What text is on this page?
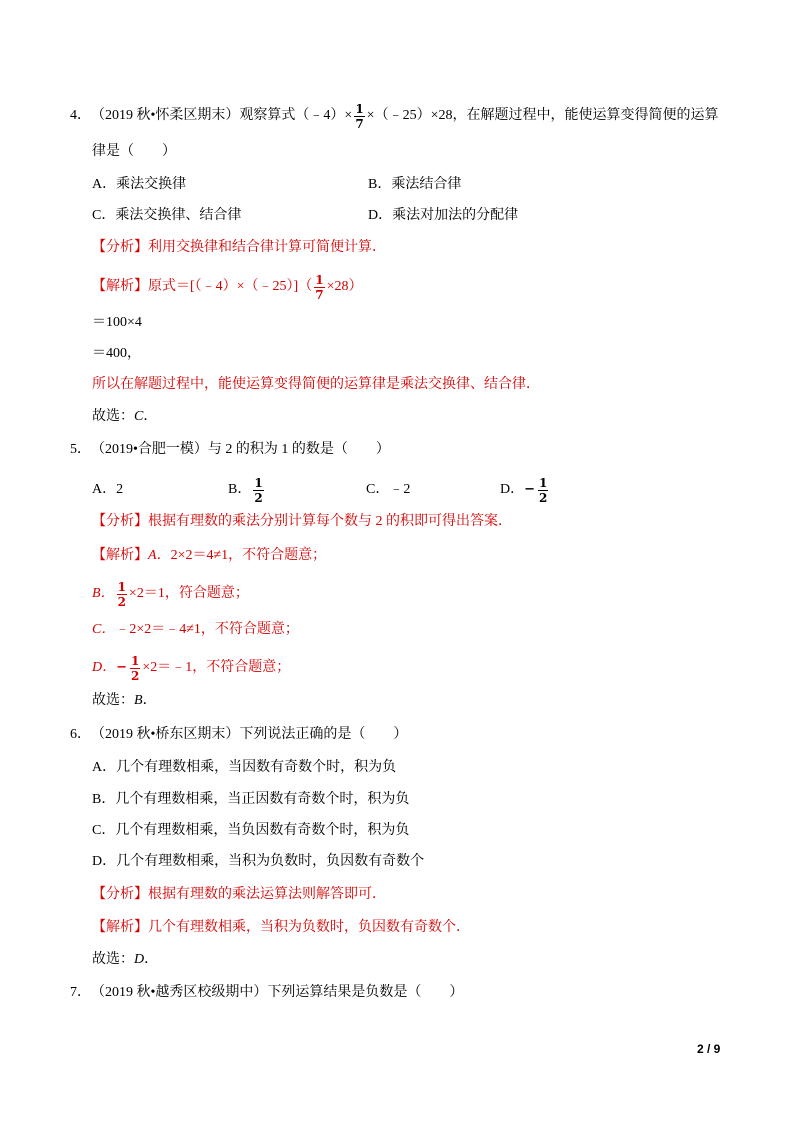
4． （2019 秋•怀柔区期末） 观察算式（﹣4）× $\frac{1}{7}$ ×（﹣25）×28，在解题过程中，能使运算变得简便的运算
律是（　　）
A． 乘法交换律	B． 乘法结合律
C． 乘法交换律、结合律	D． 乘法对加法的分配律
【分析】 利用交换律和结合律计算可简便计算．
【解析】 原式＝[（﹣4）×（﹣25）]（ $\frac{1}{7} \times 28$）
＝100×4
＝400，
所以在解题过程中，能使运算变得简便的运算律是乘法交换律、结合律．
故选： C ．
5． （2019•合肥一模） 与 2 的积为 1 的数是（　　）
A． 2	B． $\frac{1}{2}$	C． ﹣2	D． − $\frac{1}{2}$
【分析】 根据有理数的乘法分别计算每个数与 2 的积即可得出答案．
【解析】 A． 2×2＝4≠1，不符合题意；
B． $\frac{1}{2} \times 2=1$，符合题意；
C． ﹣2×2＝﹣4≠1，不符合题意；
D． − $\frac{1}{2}$ ×2＝﹣1，不符合题意；
故选： B ．
6． （2019 秋•桥东区期末） 下列说法正确的是（　　）
A． 几个有理数相乘，当因数有奇数个时，积为负
B． 几个有理数相乘，当正因数有奇数个时，积为负
C． 几个有理数相乘，当负因数有奇数个时，积为负
D． 几个有理数相乘，当积为负数时，负因数有奇数个
【分析】 根据有理数的乘法运算法则解答即可．
【解析】 几个有理数相乘，当积为负数时，负因数有奇数个．
故选： D ．
7． （2019 秋•越秀区校级期中） 下列运算结果是负数是（　　）
2 / 9
